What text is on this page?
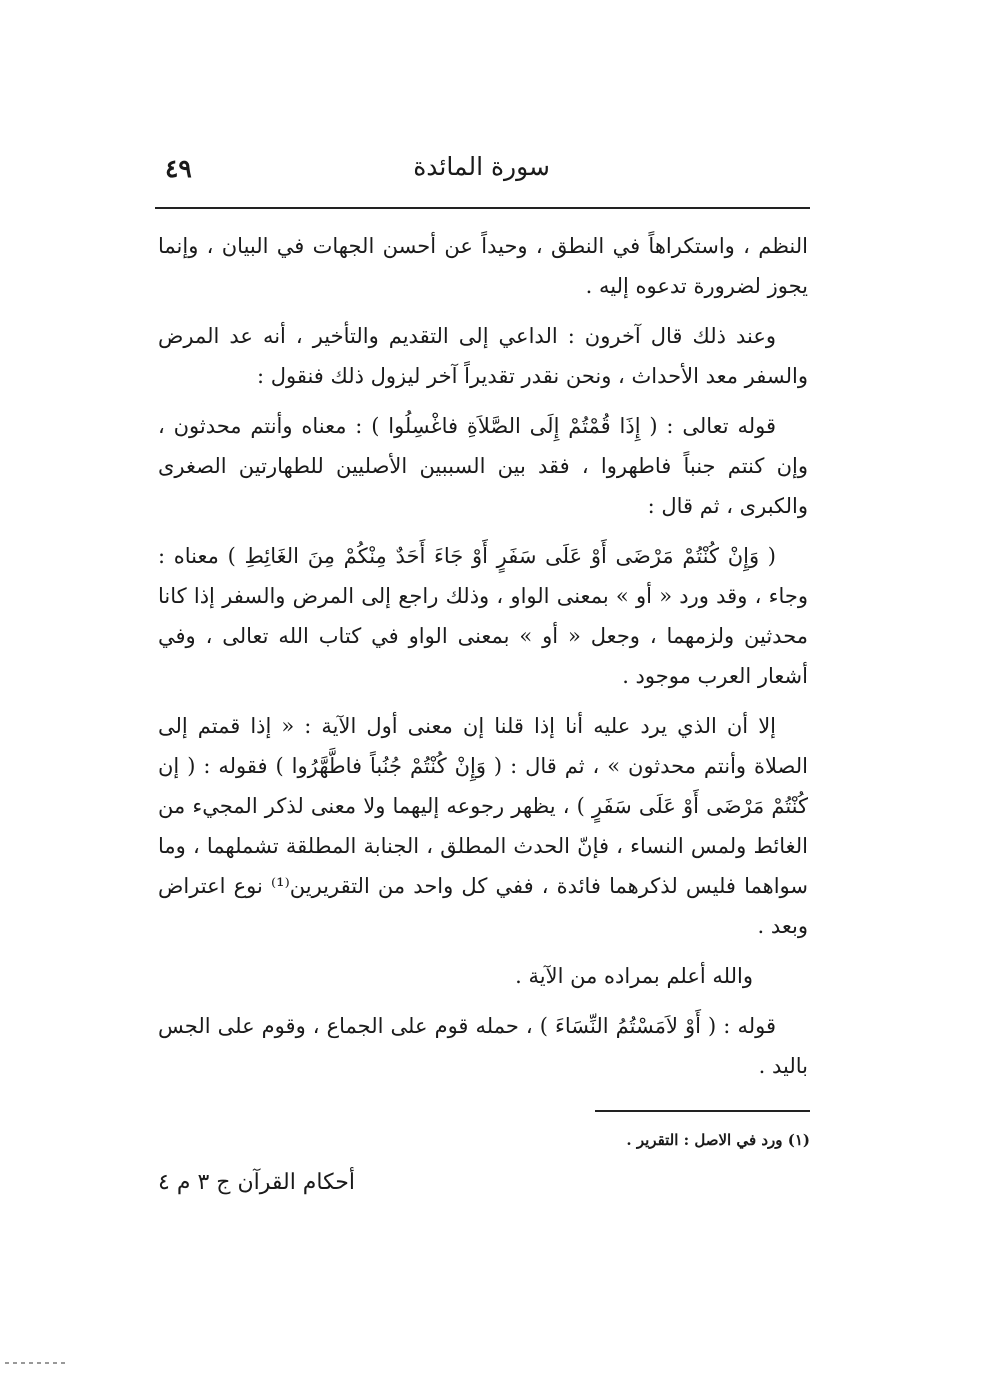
سورة المائدة
٤٩

النظم ، واستكراهاً في النطق ، وحيداً عن أحسن الجهات في البيان ، وإنما يجوز لضرورة تدعوه إليه .

وعند ذلك قال آخرون : الداعي إلى التقديم والتأخير ، أنه عد المرض والسفر معد الأحداث ، ونحن نقدر تقديراً آخر ليزول ذلك فنقول :

قوله تعالى : ( إِذَا قُمْتُمْ إِلَى الصَّلاَةِ فاغْسِلُوا ) : معناه وأنتم محدثون ، وإن كنتم جنباً فاطهروا ، فقد بين السببين الأصليين للطهارتين الصغرى والكبرى ، ثم قال :

( وَإِنْ كُنْتُمْ مَرْضَى أَوْ عَلَى سَفَرٍ أَوْ جَاءَ أَحَدٌ مِنْكُمْ مِنَ الغَائِطِ ) معناه : وجاء ، وقد ورد « أو » بمعنى الواو ، وذلك راجع إلى المرض والسفر إذا كانا محدثين ولزمهما ، وجعل « أو » بمعنى الواو في كتاب الله تعالى ، وفي أشعار العرب موجود .

إلا أن الذي يرد عليه أنا إذا قلنا إن معنى أول الآية : « إذا قمتم إلى الصلاة وأنتم محدثون » ، ثم قال : ( وَإِنْ كُنْتُمْ جُنُباً فاطَّهَّرُوا ) فقوله : ( إن كُنْتُمْ مَرْضَى أَوْ عَلَى سَفَرٍ ) ، يظهر رجوعه إليهما ولا معنى لذكر المجيء من الغائط ولمس النساء ، فإنّ الحدث المطلق ، الجنابة المطلقة تشملهما ، وما سواهما فليس لذكرهما فائدة ، ففي كل واحد من التقريرين⁽¹⁾ نوع اعتراض وبعد .

والله أعلم بمراده من الآية .

قوله : ( أَوْ لاَمَسْتُمُ النِّسَاءَ ) ، حمله قوم على الجماع ، وقوم على الجس باليد .

(١) ورد في الاصل : التقرير .
أحكام القرآن ج ٣ م ٤
